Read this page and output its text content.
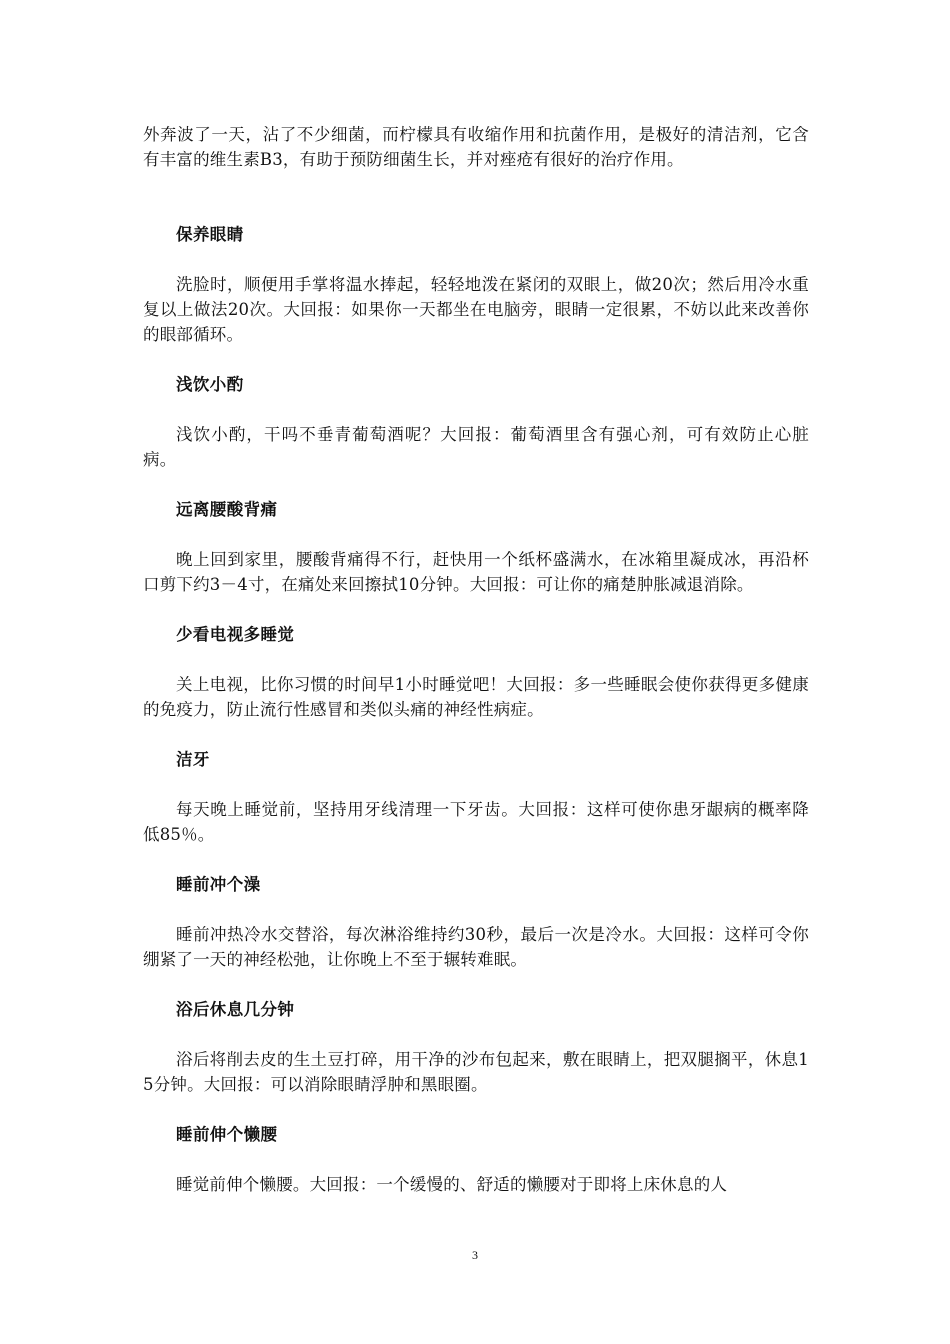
外奔波了一天，沾了不少细菌，而柠檬具有收缩作用和抗菌作用，是极好的清洁剂，它含有丰富的维生素B3，有助于预防细菌生长，并对痤疮有很好的治疗作用。

保养眼睛

洗脸时，顺便用手掌将温水捧起，轻轻地泼在紧闭的双眼上，做20次；然后用冷水重复以上做法20次。大回报：如果你一天都坐在电脑旁，眼睛一定很累，不妨以此来改善你的眼部循环。

浅饮小酌

浅饮小酌，干吗不垂青葡萄酒呢？大回报：葡萄酒里含有强心剂，可有效防止心脏病。

远离腰酸背痛

晚上回到家里，腰酸背痛得不行，赶快用一个纸杯盛满水，在冰箱里凝成冰，再沿杯口剪下约3－4寸，在痛处来回擦拭10分钟。大回报：可让你的痛楚肿胀减退消除。

少看电视多睡觉

关上电视，比你习惯的时间早1小时睡觉吧！大回报：多一些睡眠会使你获得更多健康的免疫力，防止流行性感冒和类似头痛的神经性病症。

洁牙

每天晚上睡觉前，坚持用牙线清理一下牙齿。大回报：这样可使你患牙龈病的概率降低85％。

睡前冲个澡

睡前冲热冷水交替浴，每次淋浴维持约30秒，最后一次是冷水。大回报：这样可令你绷紧了一天的神经松弛，让你晚上不至于辗转难眠。

浴后休息几分钟

浴后将削去皮的生土豆打碎，用干净的沙布包起来，敷在眼睛上，把双腿搁平，休息15分钟。大回报：可以消除眼睛浮肿和黑眼圈。

睡前伸个懒腰

睡觉前伸个懒腰。大回报：一个缓慢的、舒适的懒腰对于即将上床休息的人

3
